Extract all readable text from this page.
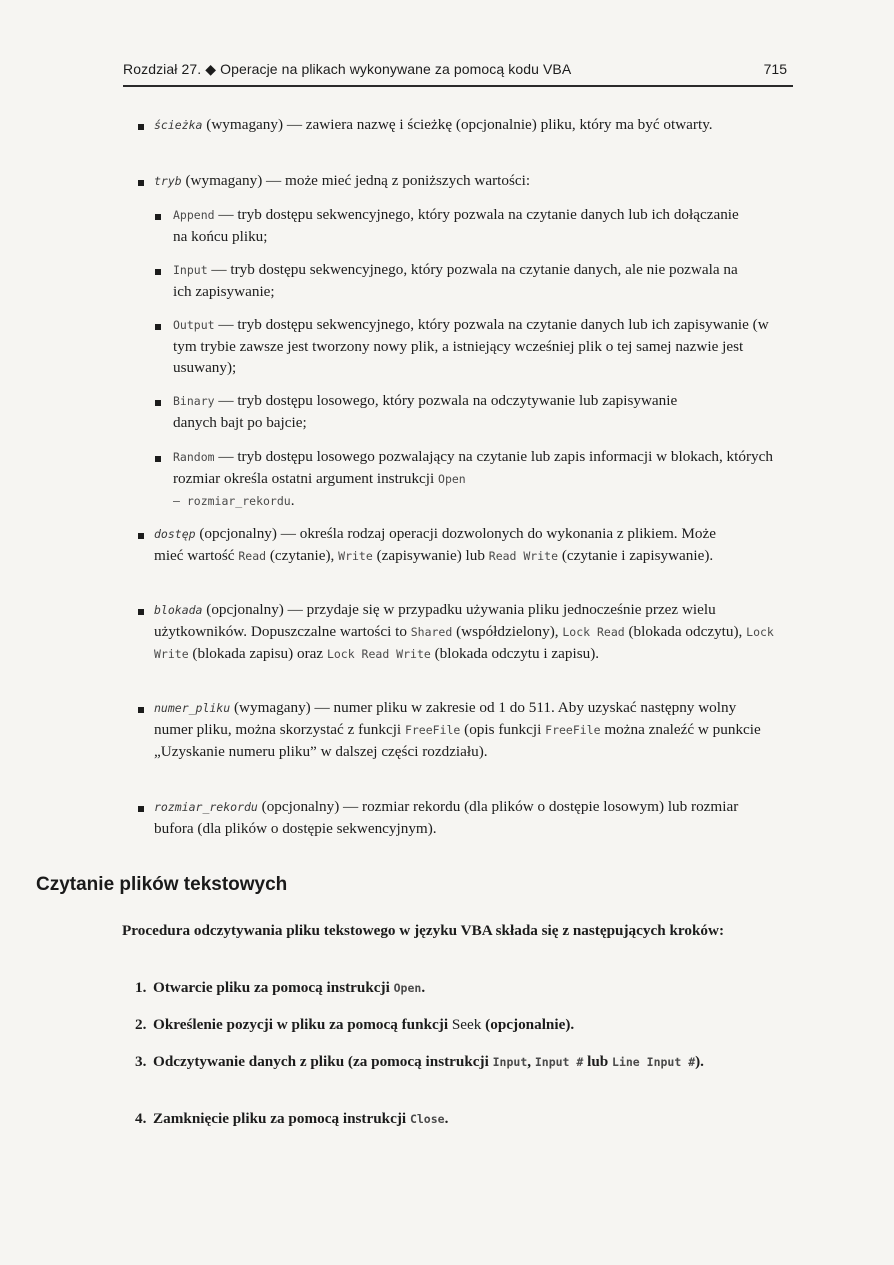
Rozdział 27. ◆ Operacje na plikach wykonywane za pomocą kodu VBA	715
ścieżka (wymagany) — zawiera nazwę i ścieżkę (opcjonalnie) pliku, który ma być otwarty.
tryb (wymagany) — może mieć jedną z poniższych wartości:
Append — tryb dostępu sekwencyjnego, który pozwala na czytanie danych lub ich dołączanie na końcu pliku;
Input — tryb dostępu sekwencyjnego, który pozwala na czytanie danych, ale nie pozwala na ich zapisywanie;
Output — tryb dostępu sekwencyjnego, który pozwala na czytanie danych lub ich zapisywanie (w tym trybie zawsze jest tworzony nowy plik, a istniejący wcześniej plik o tej samej nazwie jest usuwany);
Binary — tryb dostępu losowego, który pozwala na odczytywanie lub zapisywanie danych bajt po bajcie;
Random — tryb dostępu losowego pozwalający na czytanie lub zapis informacji w blokach, których rozmiar określa ostatni argument instrukcji Open
— rozmiar_rekordu.
dostęp (opcjonalny) — określa rodzaj operacji dozwolonych do wykonania z plikiem. Może mieć wartość Read (czytanie), Write (zapisywanie) lub Read Write (czytanie i zapisywanie).
blokada (opcjonalny) — przydaje się w przypadku używania pliku jednocześnie przez wielu użytkowników. Dopuszczalne wartości to Shared (współdzielony), Lock Read (blokada odczytu), Lock Write (blokada zapisu) oraz Lock Read Write (blokada odczytu i zapisu).
numer_pliku (wymagany) — numer pliku w zakresie od 1 do 511. Aby uzyskać następny wolny numer pliku, można skorzystać z funkcji FreeFile (opis funkcji FreeFile można znaleźć w punkcie „Uzyskanie numeru pliku” w dalszej części rozdziału).
rozmiar_rekordu (opcjonalny) — rozmiar rekordu (dla plików o dostępie losowym) lub rozmiar bufora (dla plików o dostępie sekwencyjnym).
Czytanie plików tekstowych
Procedura odczytywania pliku tekstowego w języku VBA składa się z następujących kroków:
1. Otwarcie pliku za pomocą instrukcji Open.
2. Określenie pozycji w pliku za pomocą funkcji Seek (opcjonalnie).
3. Odczytywanie danych z pliku (za pomocą instrukcji Input, Input # lub Line Input #).
4. Zamknięcie pliku za pomocą instrukcji Close.
